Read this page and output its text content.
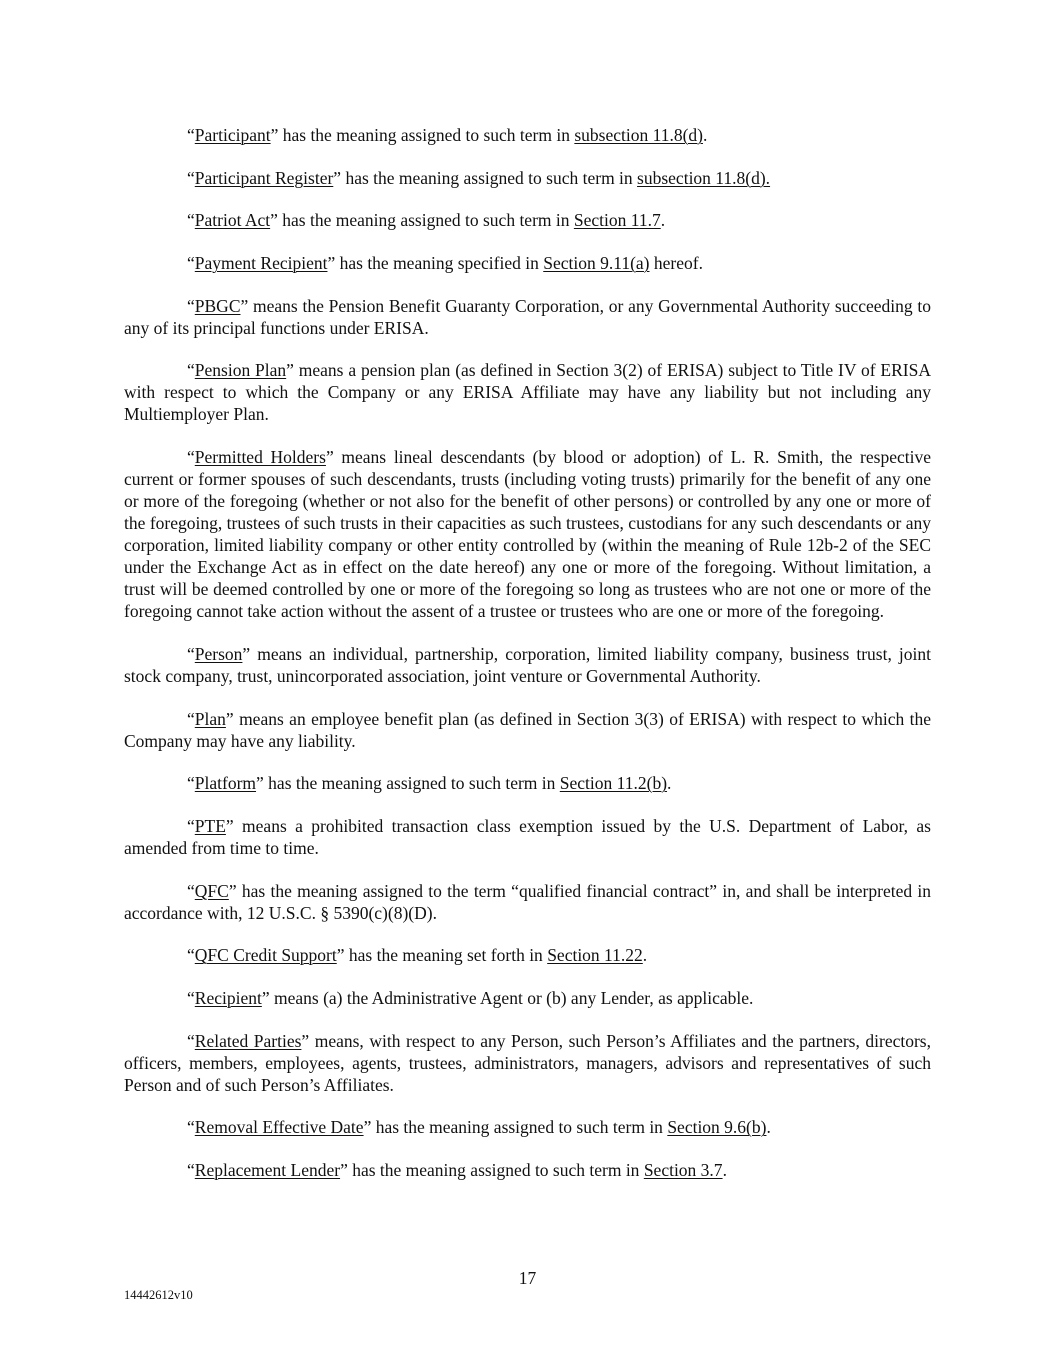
“Participant” has the meaning assigned to such term in subsection 11.8(d).

“Participant Register” has the meaning assigned to such term in subsection 11.8(d).

“Patriot Act” has the meaning assigned to such term in Section 11.7.

“Payment Recipient” has the meaning specified in Section 9.11(a) hereof.

“PBGC” means the Pension Benefit Guaranty Corporation, or any Governmental Authority succeeding to any of its principal functions under ERISA.

“Pension Plan” means a pension plan (as defined in Section 3(2) of ERISA) subject to Title IV of ERISA with respect to which the Company or any ERISA Affiliate may have any liability but not including any Multiemployer Plan.

“Permitted Holders” means lineal descendants (by blood or adoption) of L. R. Smith, the respective current or former spouses of such descendants, trusts (including voting trusts) primarily for the benefit of any one or more of the foregoing (whether or not also for the benefit of other persons) or controlled by any one or more of the foregoing, trustees of such trusts in their capacities as such trustees, custodians for any such descendants or any corporation, limited liability company or other entity controlled by (within the meaning of Rule 12b-2 of the SEC under the Exchange Act as in effect on the date hereof) any one or more of the foregoing. Without limitation, a trust will be deemed controlled by one or more of the foregoing so long as trustees who are not one or more of the foregoing cannot take action without the assent of a trustee or trustees who are one or more of the foregoing.

“Person” means an individual, partnership, corporation, limited liability company, business trust, joint stock company, trust, unincorporated association, joint venture or Governmental Authority.

“Plan” means an employee benefit plan (as defined in Section 3(3) of ERISA) with respect to which the Company may have any liability.

“Platform” has the meaning assigned to such term in Section 11.2(b).

“PTE” means a prohibited transaction class exemption issued by the U.S. Department of Labor, as amended from time to time.

“QFC” has the meaning assigned to the term “qualified financial contract” in, and shall be interpreted in accordance with, 12 U.S.C. § 5390(c)(8)(D).

“QFC Credit Support” has the meaning set forth in Section 11.22.

“Recipient” means (a) the Administrative Agent or (b) any Lender, as applicable.

“Related Parties” means, with respect to any Person, such Person’s Affiliates and the partners, directors, officers, members, employees, agents, trustees, administrators, managers, advisors and representatives of such Person and of such Person’s Affiliates.

“Removal Effective Date” has the meaning assigned to such term in Section 9.6(b).

“Replacement Lender” has the meaning assigned to such term in Section 3.7.

17
14442612v10
